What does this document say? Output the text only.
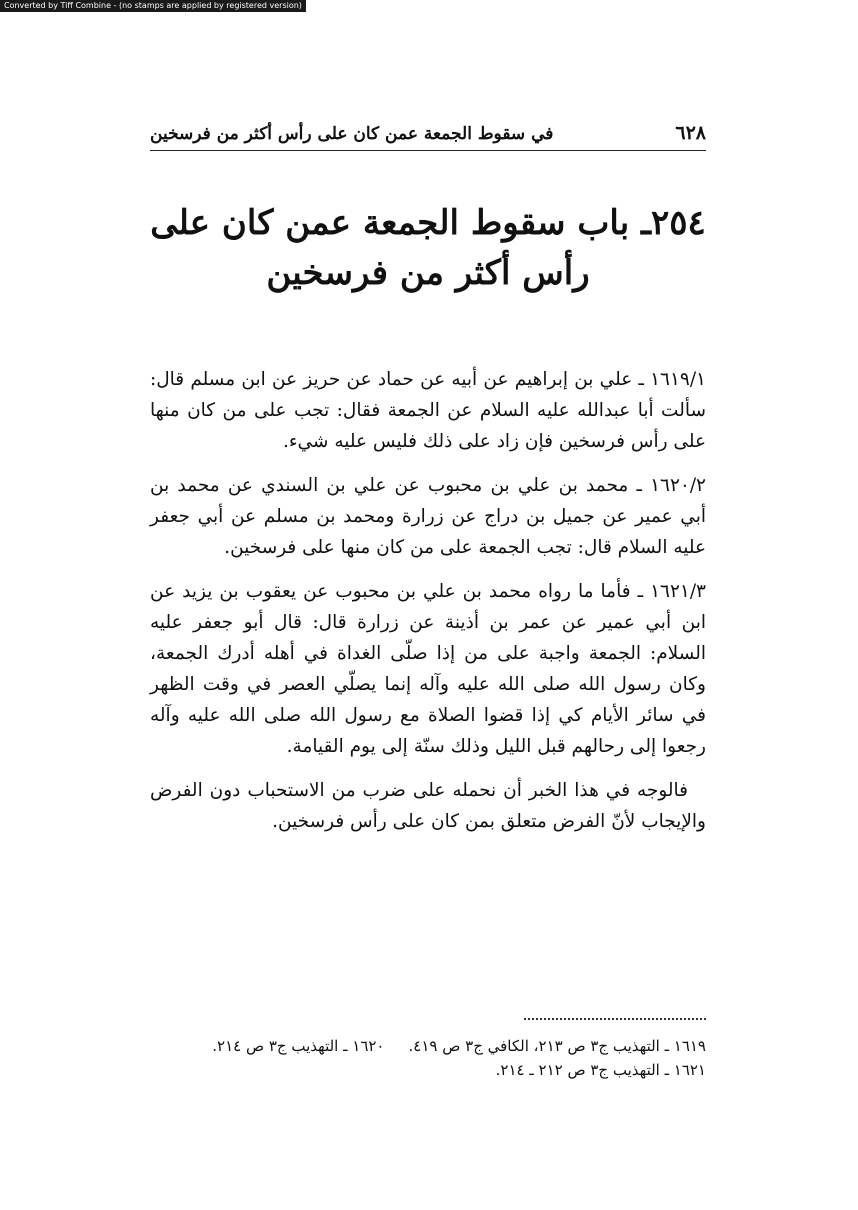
Converted by Tiff Combine - (no stamps are applied by registered version)
٦٢٨
في سقوط الجمعة عمن كان على رأس أكثر من فرسخين
٢٥٤ـ باب سقوط الجمعة عمن كان على رأس أكثر من فرسخين

١٦١٩/١ ـ علي بن إبراهيم عن أبيه عن حماد عن حريز عن ابن مسلم قال: سألت أبا عبدالله عليه السلام عن الجمعة فقال: تجب على من كان منها على رأس فرسخين فإن زاد على ذلك فليس عليه شيء.

١٦٢٠/٢ ـ محمد بن علي بن محبوب عن علي بن السندي عن محمد بن أبي عمير عن جميل بن دراج عن زرارة ومحمد بن مسلم عن أبي جعفر عليه السلام قال: تجب الجمعة على من كان منها على فرسخين.

١٦٢١/٣ ـ فأما ما رواه محمد بن علي بن محبوب عن يعقوب بن يزيد عن ابن أبي عمير عن عمر بن أذينة عن زرارة قال: قال أبو جعفر عليه السلام: الجمعة واجبة على من إذا صلّى الغداة في أهله أدرك الجمعة، وكان رسول الله صلى الله عليه وآله إنما يصلّي العصر في وقت الظهر في سائر الأيام كي إذا قضوا الصلاة مع رسول الله صلى الله عليه وآله رجعوا إلى رحالهم قبل الليل وذلك سنّة إلى يوم القيامة.

فالوجه في هذا الخبر أن نحمله على ضرب من الاستحباب دون الفرض والإيجاب لأنّ الفرض متعلق بمن كان على رأس فرسخين.

١٦١٩ ـ التهذيب ج٣ ص ٢١٣، الكافي ج٣ ص ٤١٩.١٦٢٠ ـ التهذيب ج٣ ص ٢١٤.
١٦٢١ ـ التهذيب ج٣ ص ٢١٢ ـ ٢١٤.
